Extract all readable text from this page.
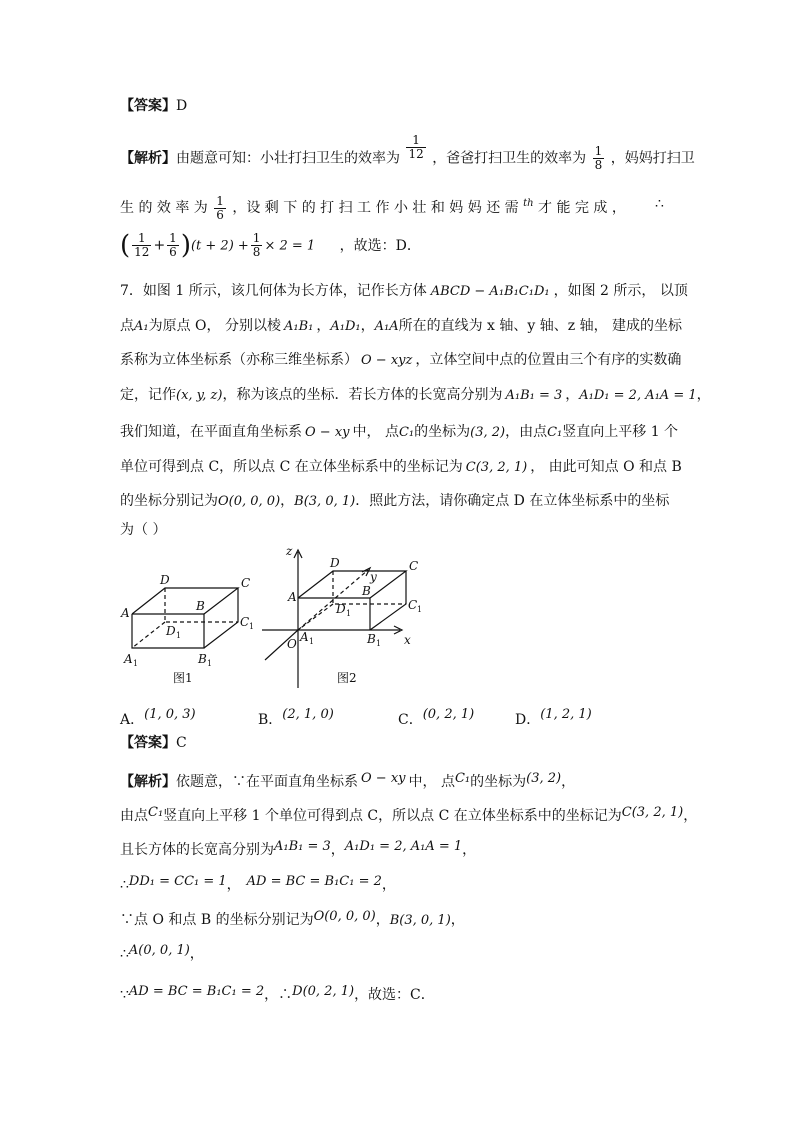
【答案】D
【解析】由题意可知：小壮打扫卫生的效率为 $\frac{1}{12}$ ，爸爸打扫卫生的效率为 $\frac{1}{8}$ ，妈妈打扫卫
生 的 效 率 为 $\frac{1}{6}$ ，设 剩 下 的 打 扫 工 作 小 壮 和 妈 妈 还 需 $^{th}$ 才 能 完 成 ， ∴
( $\frac{1}{12} + \frac{1}{6} )(t + 2) + \frac{1}{8} \times 2 = 1$ ，故选：D．
7．如图 1 所示，该几何体为长方体，记作长方体 ABCD − A₁B₁C₁D₁ ，如图 2 所示， 以顶
点A₁为原点 O， 分别以棱 A₁B₁ ，A₁D₁，A₁A所在的直线为 x 轴、y 轴、z 轴， 建成的坐标
系称为立体坐标系（亦称三维坐标系） O − xyz ，立体空间中点的位置由三个有序的实数确
定，记作(x, y, z)，称为该点的坐标．若长方体的长宽高分别为 A₁B₁ = 3 ，A₁D₁ = 2, A₁A = 1，
我们知道，在平面直角坐标系 O − xy 中， 点C₁的坐标为(3, 2)，由点C₁竖直向上平移 1 个
单位可得到点 C，所以点 C 在立体坐标系中的坐标记为 C(3, 2, 1) ， 由此可知点 O 和点 B
的坐标分别记为O(0, 0, 0)，B(3, 0, 1)．照此方法，请你确定点 D 在立体坐标系中的坐标
为（ ）
D	C
A	B
D 1
C 1
A 1	B 1
图1
z
D	C
y
A	B
D 1
C 1
A 1
O	B 1 x
图2
A．(1, 0, 3)	B．(2, 1, 0)	C．(0, 2, 1)	D．(1, 2, 1)
【答案】C
【解析】依题意，∵在平面直角坐标系 O − xy 中， 点C₁的坐标为(3, 2)，
由点C₁竖直向上平移 1 个单位可得到点 C，所以点 C 在立体坐标系中的坐标记为C(3, 2, 1)，
且长方体的长宽高分别为A₁B₁ = 3，A₁D₁ = 2, A₁A = 1，
∴DD₁ = CC₁ = 1， AD = BC = B₁C₁ = 2，
∵点 O 和点 B 的坐标分别记为O(0, 0, 0)，B(3, 0, 1)，
∴A(0, 0, 1)，
∵AD = BC = B₁C₁ = 2，∴D(0, 2, 1)，故选：C．
